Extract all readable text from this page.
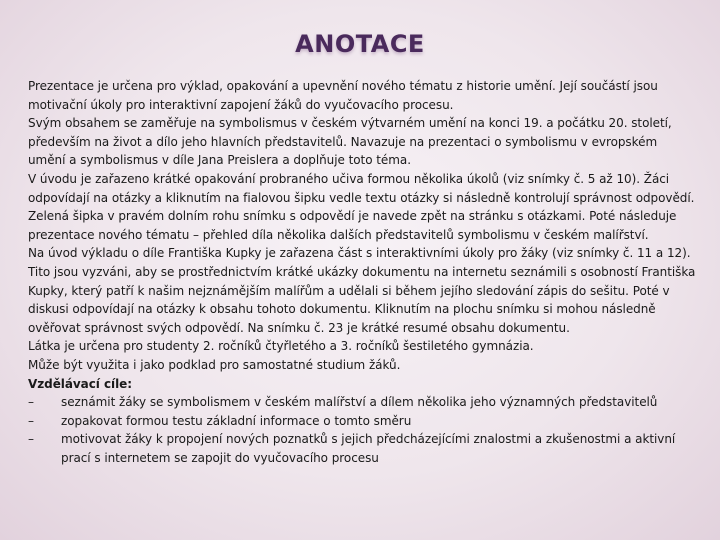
ANOTACE

Prezentace je určena pro výklad, opakování a upevnění nového tématu z historie umění. Její součástí jsou motivační úkoly pro interaktivní zapojení žáků do vyučovacího procesu.

Svým obsahem se zaměřuje na symbolismus v českém výtvarném umění na konci 19. a počátku 20. století, především na život a dílo jeho hlavních představitelů. Navazuje na prezentaci o symbolismu v evropském umění a symbolismus v díle Jana Preislera a doplňuje toto téma.

V úvodu je zařazeno krátké opakování probraného učiva formou několika úkolů (viz snímky č. 5 až 10). Žáci odpovídají na otázky a kliknutím na fialovou šipku vedle textu otázky si následně kontrolují správnost odpovědí. Zelená šipka v pravém dolním rohu snímku s odpovědí je navede zpět na stránku s otázkami. Poté následuje prezentace nového tématu – přehled díla několika dalších představitelů symbolismu v českém malířství.

Na úvod výkladu o díle Františka Kupky je zařazena část s interaktivními úkoly pro žáky (viz snímky č. 11 a 12). Tito jsou vyzváni, aby se prostřednictvím krátké ukázky dokumentu na internetu seznámili s osobností Františka Kupky, který patří k našim nejznámějším malířům a udělali si během jejího sledování zápis do sešitu. Poté v diskusi odpovídají na otázky k obsahu tohoto dokumentu. Kliknutím na plochu snímku si mohou následně ověřovat správnost svých odpovědí. Na snímku č. 23 je krátké resumé obsahu dokumentu.

Látka je určena pro studenty 2. ročníků čtyřletého a 3. ročníků šestiletého gymnázia.

Může být využita i jako podklad pro samostatné studium žáků.

Vzdělávací cíle:

–	seznámit žáky se symbolismem v českém malířství a dílem několika jeho významných představitelů
–	zopakovat formou testu základní informace o tomto směru
–	motivovat žáky k propojení nových poznatků s jejich předcházejícími znalostmi a zkušenostmi a aktivní prací s internetem se zapojit do vyučovacího procesu
